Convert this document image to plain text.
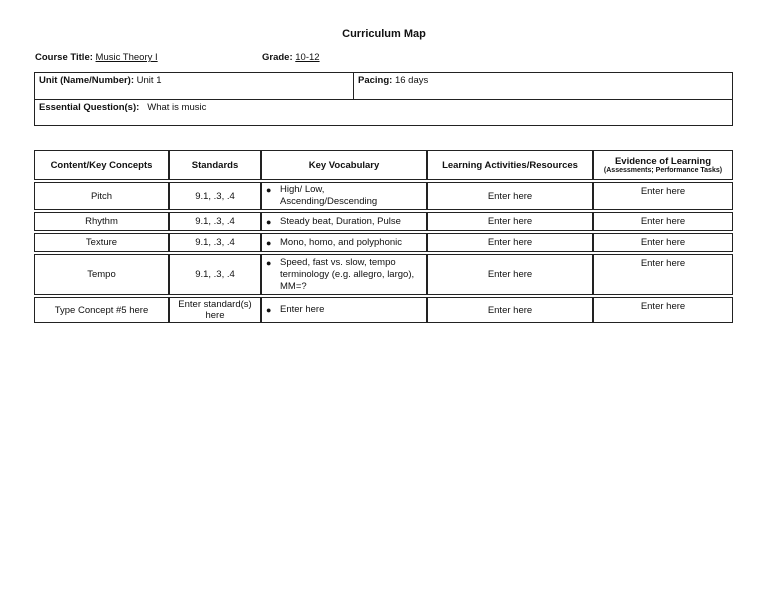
Curriculum Map
Course Title: Music Theory I	Grade: 10-12
Unit (Name/Number): Unit 1	Pacing: 16 days
Essential Question(s): What is music
Content/Key Concepts	Standards	Key Vocabulary	Learning Activities/Resources	Evidence of Learning
(Assessments; Performance Tasks)

Pitch	9.1, .3, .4	● High/ Low, Ascending/Descending	Enter here	Enter here
Rhythm	9.1, .3, .4	● Steady beat, Duration, Pulse	Enter here	Enter here
Texture	9.1, .3, .4	● Mono, homo, and polyphonic	Enter here	Enter here
Tempo	9.1, .3, .4	● Speed, fast vs. slow, tempo terminology (e.g. allegro, largo), MM=?	Enter here	Enter here
Type Concept #5 here	Enter standard(s) here	● Enter here	Enter here	Enter here
